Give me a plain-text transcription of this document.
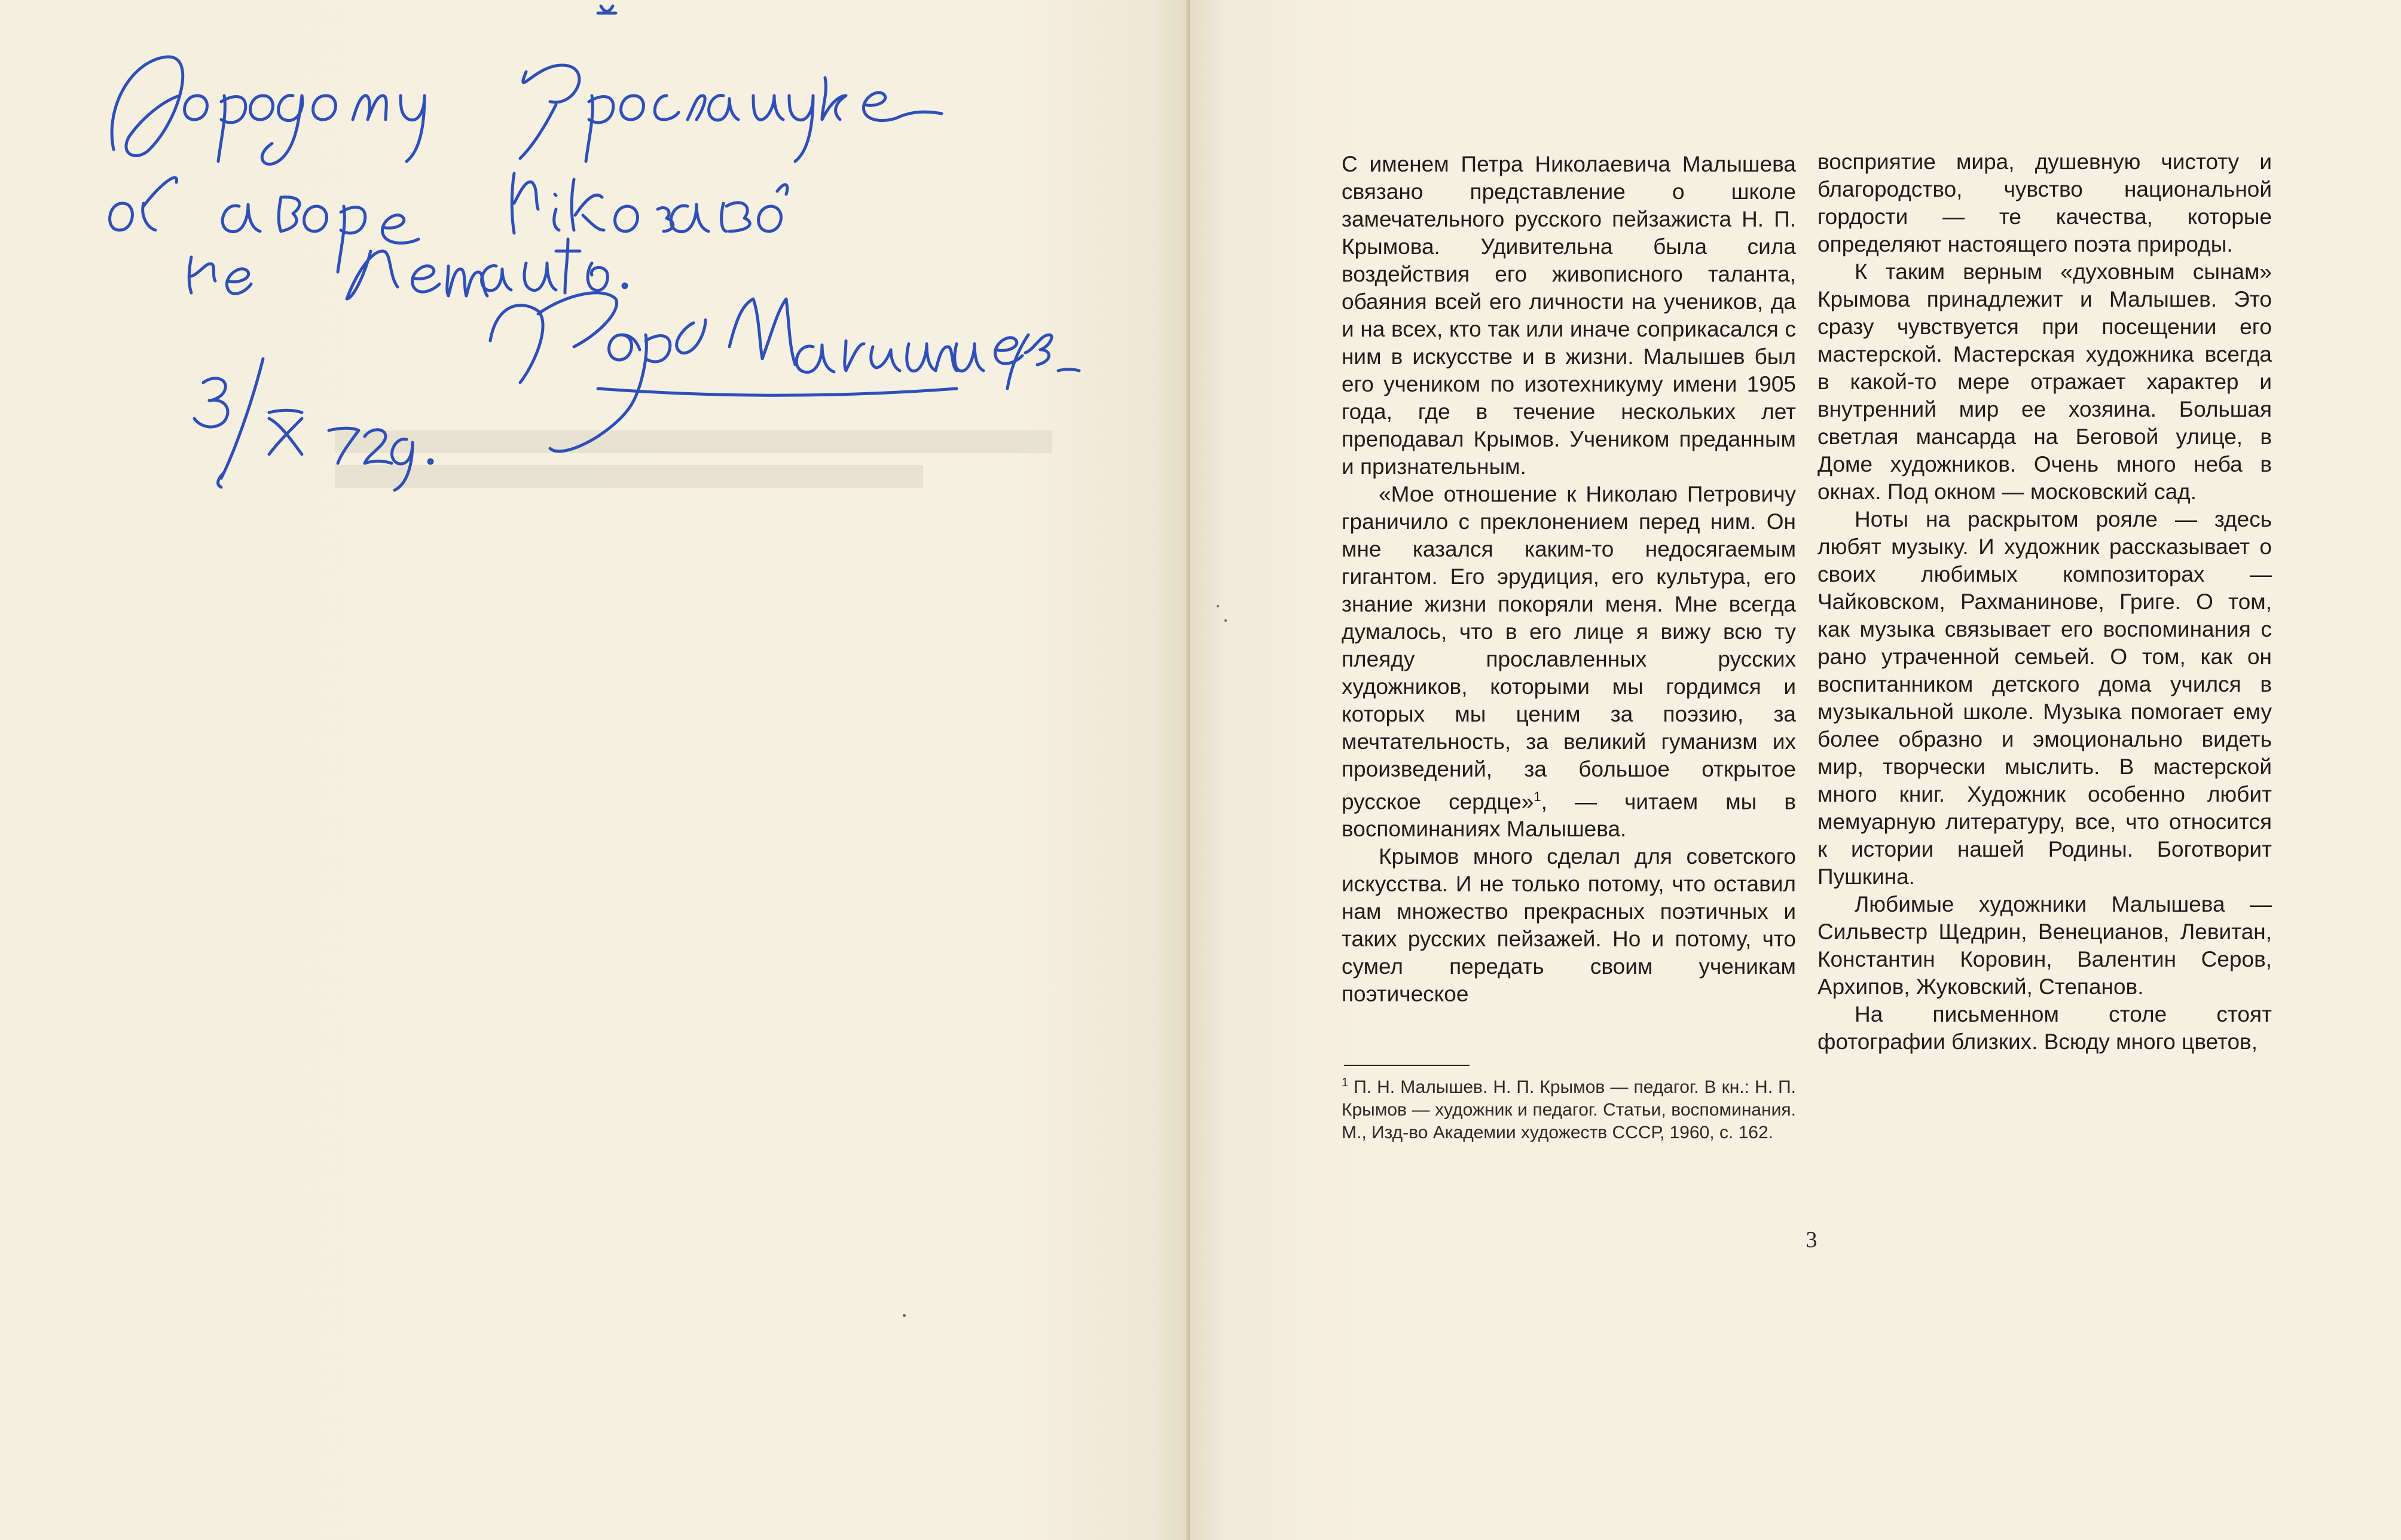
С именем Петра Николаевича Малышева связано представление о школе замечательного русского пейзажиста Н. П. Крымова. Удивительна была сила воздействия его живописного таланта, обаяния всей его личности на учеников, да и на всех, кто так или иначе соприкасался с ним в искусстве и в жизни. Малышев был его учеником по изотехникуму имени 1905 года, где в течение нескольких лет преподавал Крымов. Учеником преданным и признательным.

«Мое отношение к Николаю Петровичу граничило с преклонением перед ним. Он мне казался каким-то недосягаемым гигантом. Его эрудиция, его культура, его знание жизни покоряли меня. Мне всегда думалось, что в его лице я вижу всю ту плеяду прославленных русских художников, которыми мы гордимся и которых мы ценим за поэзию, за мечтательность, за великий гуманизм их произведений, за большое открытое русское сердце»$^1$, — читаем мы в воспоминаниях Малышева.

Крымов много сделал для советского искусства. И не только потому, что оставил нам множество прекрасных поэтичных и таких русских пейзажей. Но и потому, что сумел передать своим ученикам поэтическое

$^1$ П. Н. Малышев. Н. П. Крымов — педагог. В кн.: Н. П. Крымов — художник и педагог. Статьи, воспоминания. М., Изд-во Академии художеств СССР, 1960, с. 162.

восприятие мира, душевную чистоту и благородство, чувство национальной гордости — те качества, которые определяют настоящего поэта природы.

К таким верным «духовным сынам» Крымова принадлежит и Малышев. Это сразу чувствуется при посещении его мастерской. Мастерская художника всегда в какой-то мере отражает характер и внутренний мир ее хозяина. Большая светлая мансарда на Беговой улице, в Доме художников. Очень много неба в окнах. Под окном — московский сад.

Ноты на раскрытом рояле — здесь любят музыку. И художник рассказывает о своих любимых композиторах — Чайковском, Рахманинове, Григе. О том, как музыка связывает его воспоминания с рано утраченной семьей. О том, как он воспитанником детского дома учился в музыкальной школе. Музыка помогает ему более образно и эмоционально видеть мир, творчески мыслить. В мастерской много книг. Художник особенно любит мемуарную литературу, все, что относится к истории нашей Родины. Боготворит Пушкина.

Любимые художники Малышева — Сильвестр Щедрин, Венецианов, Левитан, Константин Коровин, Валентин Серов, Архипов, Жуковский, Степанов.

На письменном столе стоят фотографии близких. Всюду много цветов,

3
